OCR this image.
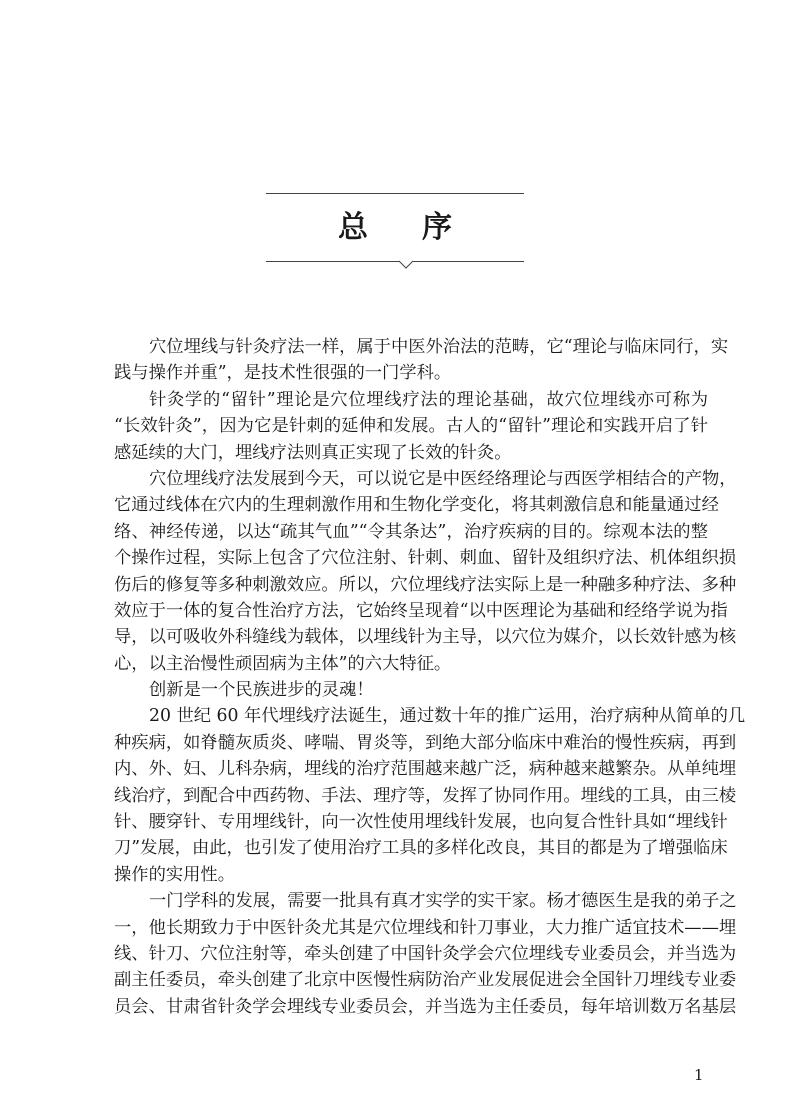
总序
穴位埋线与针灸疗法一样，属于中医外治法的范畴，它“理论与临床同行，实
践与操作并重”，是技术性很强的一门学科。
针灸学的“留针”理论是穴位埋线疗法的理论基础，故穴位埋线亦可称为
“长效针灸”，因为它是针刺的延伸和发展。古人的“留针”理论和实践开启了针
感延续的大门，埋线疗法则真正实现了长效的针灸。
穴位埋线疗法发展到今天，可以说它是中医经络理论与西医学相结合的产物，
它通过线体在穴内的生理刺激作用和生物化学变化，将其刺激信息和能量通过经
络、神经传递，以达“疏其气血”“令其条达”，治疗疾病的目的。综观本法的整
个操作过程，实际上包含了穴位注射、针刺、刺血、留针及组织疗法、机体组织损
伤后的修复等多种刺激效应。所以，穴位埋线疗法实际上是一种融多种疗法、多种
效应于一体的复合性治疗方法，它始终呈现着“以中医理论为基础和经络学说为指
导，以可吸收外科缝线为载体，以埋线针为主导，以穴位为媒介，以长效针感为核
心，以主治慢性顽固病为主体”的六大特征。
创新是一个民族进步的灵魂！
20 世纪 60 年代埋线疗法诞生，通过数十年的推广运用，治疗病种从简单的几
种疾病，如脊髓灰质炎、哮喘、胃炎等，到绝大部分临床中难治的慢性疾病，再到
内、外、妇、儿科杂病，埋线的治疗范围越来越广泛，病种越来越繁杂。从单纯埋
线治疗，到配合中西药物、手法、理疗等，发挥了协同作用。埋线的工具，由三棱
针、腰穿针、专用埋线针，向一次性使用埋线针发展，也向复合性针具如“埋线针
刀”发展，由此，也引发了使用治疗工具的多样化改良，其目的都是为了增强临床
操作的实用性。
一门学科的发展，需要一批具有真才实学的实干家。杨才德医生是我的弟子之
一，他长期致力于中医针灸尤其是穴位埋线和针刀事业，大力推广适宜技术——埋
线、针刀、穴位注射等，牵头创建了中国针灸学会穴位埋线专业委员会，并当选为
副主任委员，牵头创建了北京中医慢性病防治产业发展促进会全国针刀埋线专业委
员会、甘肃省针灸学会埋线专业委员会，并当选为主任委员，每年培训数万名基层
1
